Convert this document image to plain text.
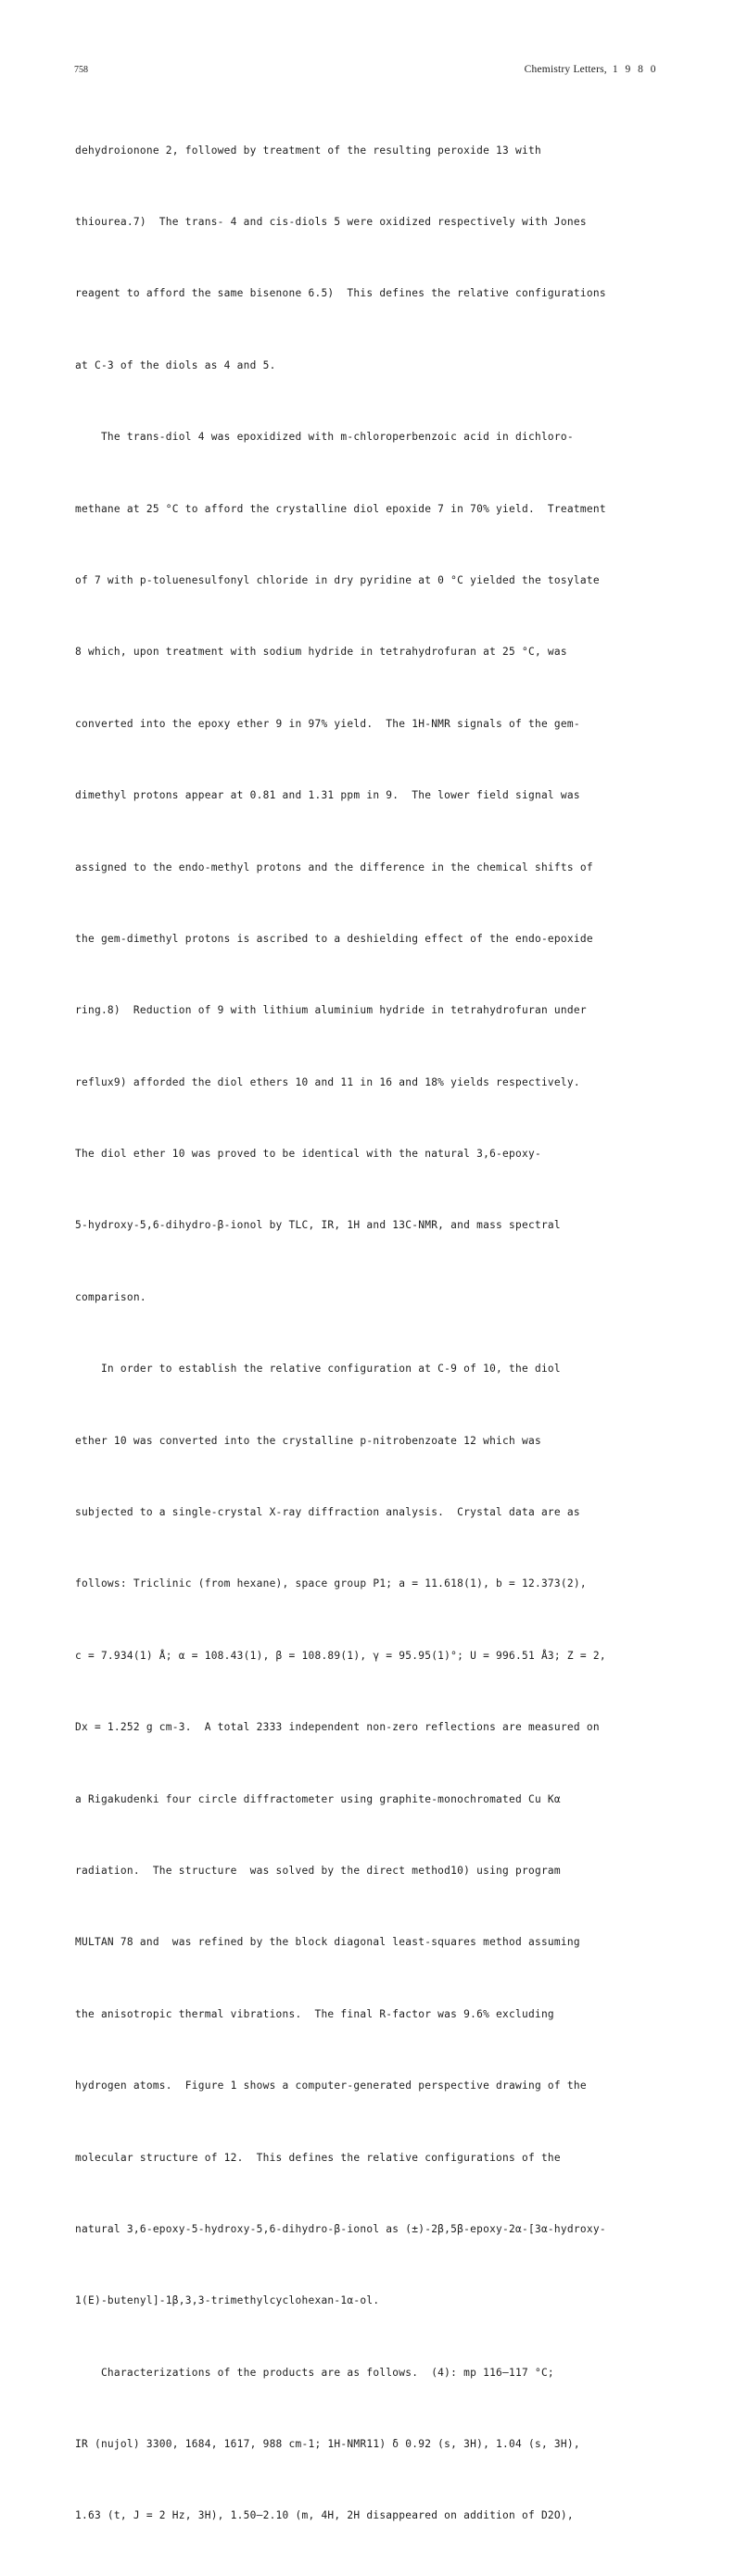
758	Chemistry Letters, 1 9 8 0

dehydroionone 2, followed by treatment of the resulting peroxide 13 with

thiourea.7)  The trans- 4 and cis-diols 5 were oxidized respectively with Jones

reagent to afford the same bisenone 6.5)  This defines the relative configurations

at C-3 of the diols as 4 and 5.

The trans-diol 4 was epoxidized with m-chloroperbenzoic acid in dichloro-

methane at 25 °C to afford the crystalline diol epoxide 7 in 70% yield.  Treatment

of 7 with p-toluenesulfonyl chloride in dry pyridine at 0 °C yielded the tosylate

8 which, upon treatment with sodium hydride in tetrahydrofuran at 25 °C, was

converted into the epoxy ether 9 in 97% yield.  The 1H-NMR signals of the gem-

dimethyl protons appear at 0.81 and 1.31 ppm in 9.  The lower field signal was

assigned to the endo-methyl protons and the difference in the chemical shifts of

the gem-dimethyl protons is ascribed to a deshielding effect of the endo-epoxide

ring.8)  Reduction of 9 with lithium aluminium hydride in tetrahydrofuran under

reflux9) afforded the diol ethers 10 and 11 in 16 and 18% yields respectively.

The diol ether 10 was proved to be identical with the natural 3,6-epoxy-

5-hydroxy-5,6-dihydro-β-ionol by TLC, IR, 1H and 13C-NMR, and mass spectral

comparison.

In order to establish the relative configuration at C-9 of 10, the diol

ether 10 was converted into the crystalline p-nitrobenzoate 12 which was

subjected to a single-crystal X-ray diffraction analysis.  Crystal data are as

follows: Triclinic (from hexane), space group P1; a = 11.618(1), b = 12.373(2),

c = 7.934(1) Å; α = 108.43(1), β = 108.89(1), γ = 95.95(1)°; U = 996.51 Å3; Z = 2,

Dx = 1.252 g cm-3.  A total 2333 independent non-zero reflections are measured on

a Rigakudenki four circle diffractometer using graphite-monochromated Cu Kα

radiation.  The structure  was solved by the direct method10) using program

MULTAN 78 and  was refined by the block diagonal least-squares method assuming

the anisotropic thermal vibrations.  The final R-factor was 9.6% excluding

hydrogen atoms.  Figure 1 shows a computer-generated perspective drawing of the

molecular structure of 12.  This defines the relative configurations of the

natural 3,6-epoxy-5-hydroxy-5,6-dihydro-β-ionol as (±)-2β,5β-epoxy-2α-[3α-hydroxy-

1(E)-butenyl]-1β,3,3-trimethylcyclohexan-1α-ol.

Characterizations of the products are as follows.  (4): mp 116–117 °C;

IR (nujol) 3300, 1684, 1617, 988 cm-1; 1H-NMR11) δ 0.92 (s, 3H), 1.04 (s, 3H),

1.63 (t, J = 2 Hz, 3H), 1.50–2.10 (m, 4H, 2H disappeared on addition of D2O),
